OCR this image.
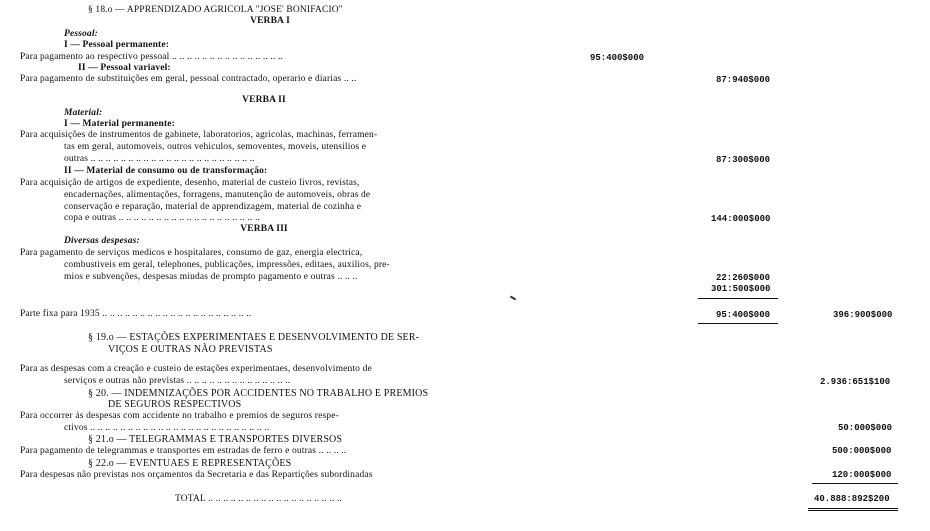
§ 18.o — APPRENDIZADO AGRICOLA "JOSE' BONIFACIO"
VERBA I
Pessoal:
I — Pessoal permanente:
Para pagamento ao respectivo pessoal .. .. .. .. .. .. .. .. .. .. .. .. .. .. ..	95:400$000
II — Pessoal variavel:
Para pagamento de substituições em geral, pessoal contractado, operario e diarias .. ..	87:940$000
VERBA II
Material:
I — Material permanente:
Para acquisições de instrumentos de gabinete, laboratorios, agricolas, machinas, ferramen-
tas em geral, automoveis, outros vehiculos, semoventes, moveis, utensilios e
outras .. .. .. .. .. .. .. .. .. .. .. .. .. .. .. .. .. .. .. .. .. ..	87:300$000
II — Material de consumo ou de transformação:
Para acquisição de artigos de expediente, desenho, material de custeio livros, revistas,
encadernações, alimentações, forragens, manutenção de automoveis, obras de
conservação e reparação, material de apprendizagem, material de cozinha e
copa e outras .. .. .. .. .. .. .. .. .. .. .. .. .. .. .. .. .. .. ..	144:000$000
VERBA III
Diversas despesas:
Para pagamento de serviços medicos e hospitalares, consumo de gaz, energia electrica,
combustiveis em geral, telephones, publicações, impressões, editaes, auxilios, pre-
mios e subvenções, despesas miudas de prompto pagamento e outras .. .. ..	22:260$000
301:500$000
Parte fixa para 1935 .. .. .. .. .. .. .. .. .. .. .. .. .. .. .. .. .. .. .. ..	95:400$000	396:900$000
§ 19.o — ESTAÇÕES EXPERIMENTAES E DESENVOLVIMENTO DE SER-
VIÇOS E OUTRAS NÃO PREVISTAS
Para as despesas com a creação e custeio de estações experimentaes, desenvolvimento de
serviços e outras não previstas .. .. .. .. .. .. .. .. .. .. .. .. .. ..	2.936:651$100
§ 20. — INDEMNIZAÇÕES POR ACCIDENTES NO TRABALHO E PREMIOS
DE SEGUROS RESPECTIVOS
Para occorrer ás despesas com accidente no trabalho e premios de seguros respe-
ctivos .. .. .. .. .. .. .. .. .. .. .. .. .. .. .. .. .. .. .. .. .. .. .. ..	50:000$000
§ 21.o — TELEGRAMMAS E TRANSPORTES DIVERSOS
Para pagamento de telegrammas e transportes em estradas de ferro e outras .. .. .. ..	500:000$000
§ 22.o — EVENTUAES E REPRESENTAÇÕES
Para despesas não previstas nos orçamentos da Secretaria e das Repartições subordinadas	120:000$000
TOTAL .. .. .. .. .. .. .. .. .. .. .. .. .. .. .. .. .. ..	40.888:892$200
